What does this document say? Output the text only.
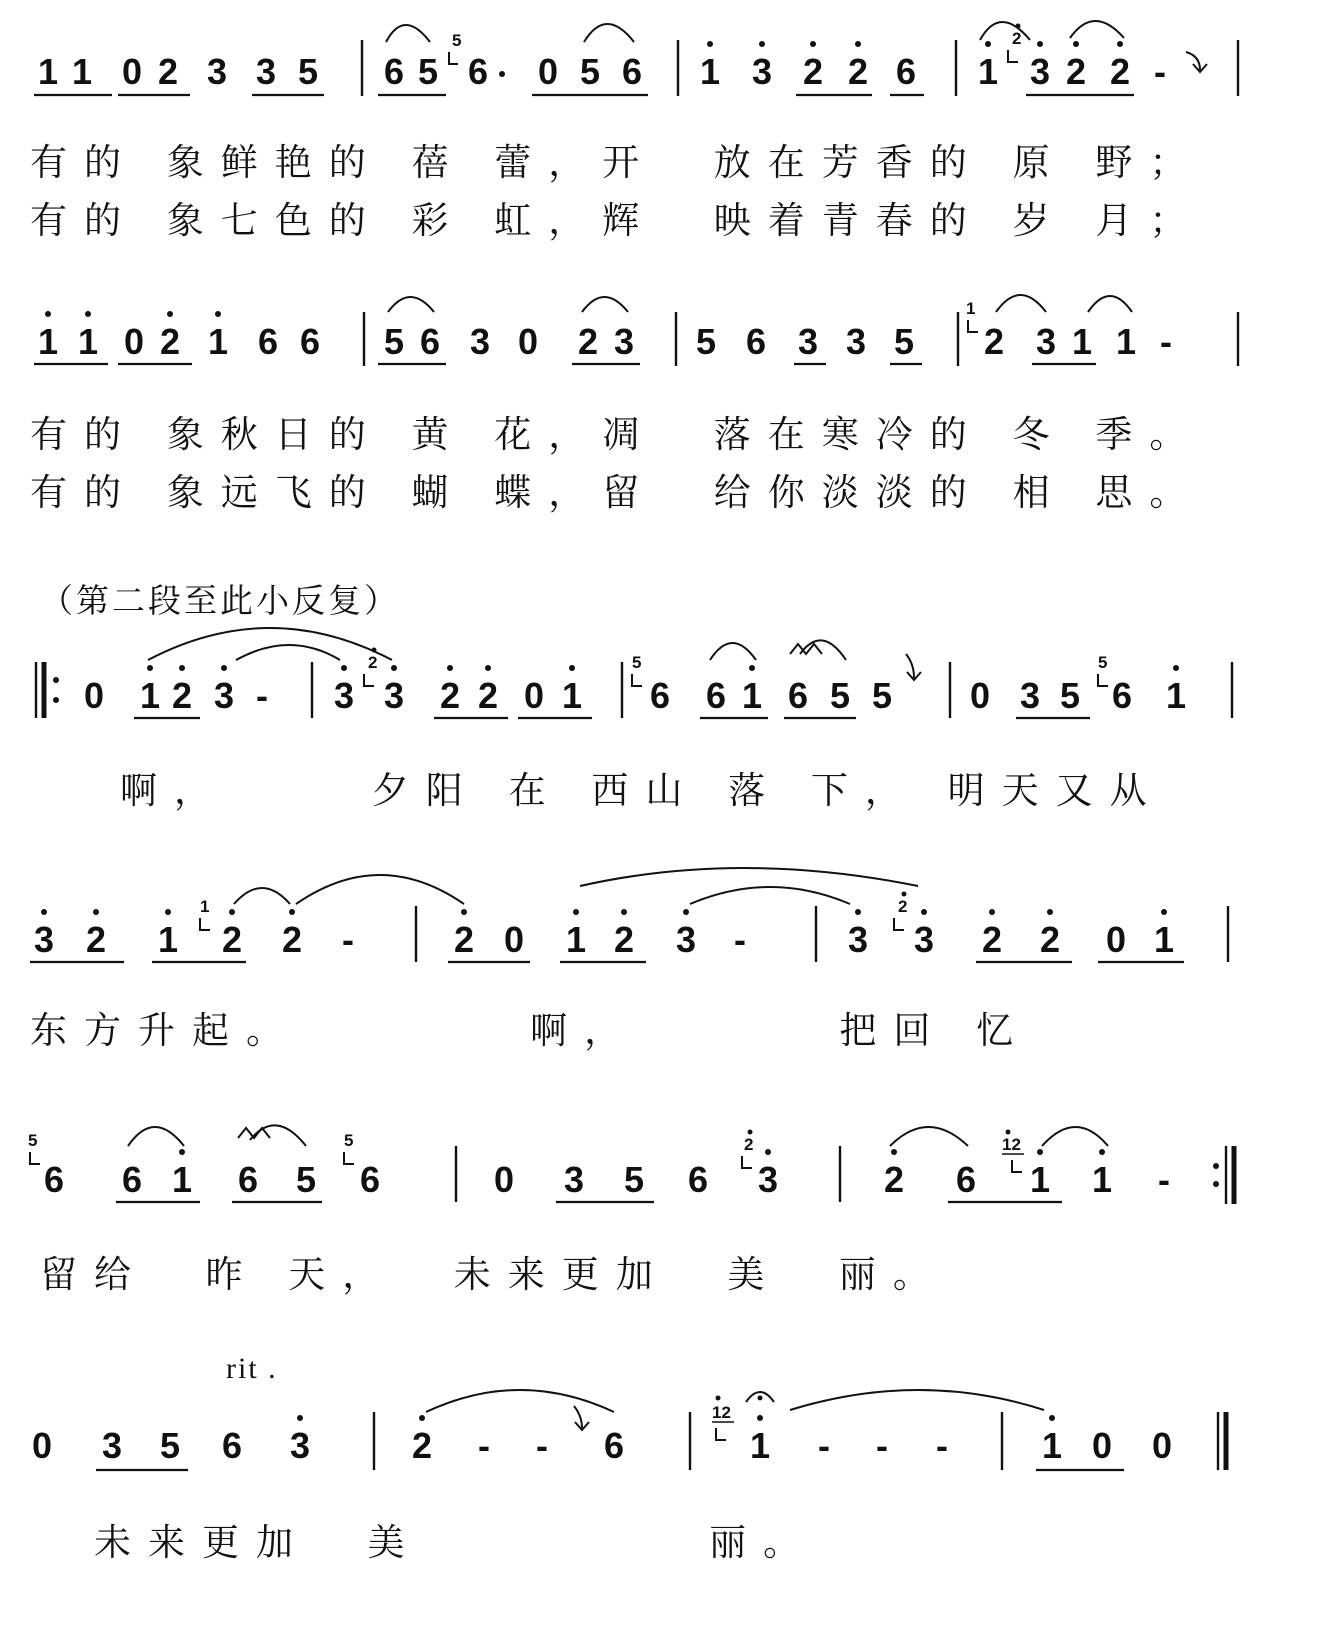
1 1 0 2 3 3 5 6 5
5
6 0 5 6 1 3 2 2 6 1
2
3 2 2 -
1 1 0 2 1 6 6 5 6 3 0 2 3 5 6 3 3 5
1
2 3 1 1 -
0 1 2 3 - 3
2
3 2 2 0 1
5
6 6 1 6 5 5 0 3 5
5
6 1
3 2 1
1
2 2 -	2 0 1 2 3 -	3
2
3 2 2 0 1
5
6 6 1 6 5
5
6	0 3 5 6
2
3	2 6
12
1 1 -
0 3 5 6 3	2 - - 6
12
1 - - -	1 0 0
有的 象鲜艳的 蓓 蕾，开  放在芳香的 原 野；
有的 象七色的 彩 虹，辉  映着青春的 岁 月；
有的 象秋日的 黄 花，凋  落在寒冷的 冬 季。
有的 象远飞的 蝴 蝶，留  给你淡淡的 相 思。
（第二段至此小反复）
啊，     夕阳 在 西山 落 下， 明天又从
东方升起。        啊，       把回 忆
留给  昨 天，  未来更加  美  丽。
rit .
未来更加  美          丽。
